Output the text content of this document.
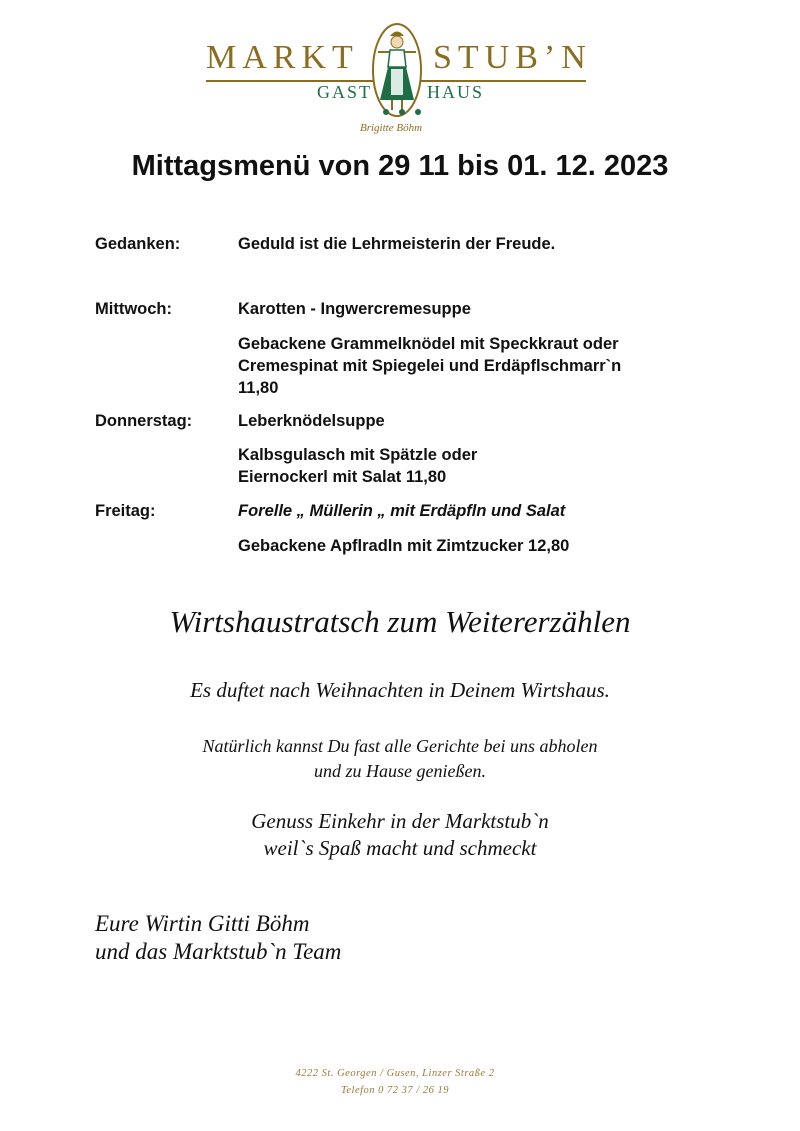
MARKT STUB’N
GAST	HAUS
Brigitte Böhm
Mittagsmenü von 29 11 bis 01. 12. 2023
Gedanken:	Geduld ist die Lehrmeisterin der Freude.
Mittwoch:	Karotten - Ingwercremesuppe
Gebackene Grammelknödel mit Speckkraut oder
Cremespinat mit Spiegelei und Erdäpflschmarr`n
11,80
Donnerstag:	Leberknödelsuppe
Kalbsgulasch mit Spätzle oder
Eiernockerl mit Salat 11,80
Freitag:	Forelle „ Müllerin „ mit Erdäpfln und Salat
Gebackene Apflradln mit Zimtzucker 12,80
Wirtshaustratsch zum Weitererzählen
Es duftet nach Weihnachten in Deinem Wirtshaus.
Natürlich kannst Du fast alle Gerichte bei uns abholen
und zu Hause genießen.
Genuss Einkehr in der Marktstub`n
weil`s Spaß macht und schmeckt
Eure Wirtin Gitti Böhm
und das Marktstub`n Team
4222 St. Georgen / Gusen, Linzer Straße 2
Telefon 0 72 37 / 26 19
